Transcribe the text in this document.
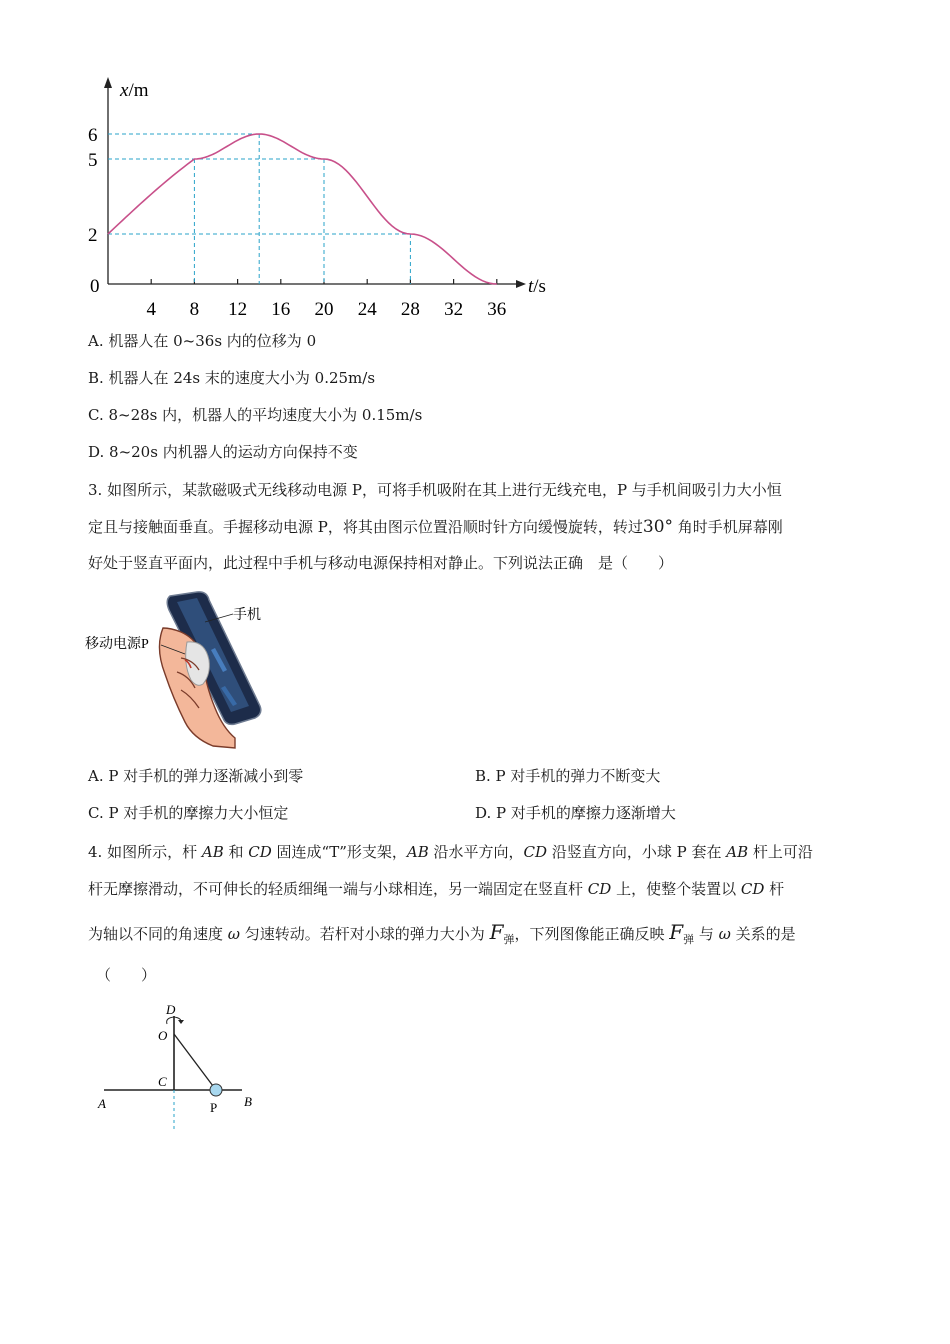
x/m
t/s
0
6
5
2
4 8 12 16 20 24 28 32 36
A. 机器人在 0~36s 内的位移为 0
B. 机器人在 24s 末的速度大小为 0.25m/s
C. 8~28s 内，机器人的平均速度大小为 0.15m/s
D. 8~20s 内机器人的运动方向保持不变
3. 如图所示，某款磁吸式无线移动电源 P，可将手机吸附在其上进行无线充电，P 与手机间吸引力大小恒
定且与接触面垂直。手握移动电源 P，将其由图示位置沿顺时针方向缓慢旋转，转过30° 角时手机屏幕刚
好处于竖直平面内，此过程中手机与移动电源保持相对静止。下列说法正确　是（　　）
手机
移动电源P
A. P 对手机的弹力逐渐减小到零	B. P 对手机的弹力不断变大
C. P 对手机的摩擦力大小恒定	D. P 对手机的摩擦力逐渐增大
4. 如图所示，杆 AB 和 CD 固连成“T”形支架，AB 沿水平方向，CD 沿竖直方向，小球 P 套在 AB 杆上可沿
杆无摩擦滑动，不可伸长的轻质细绳一端与小球相连，另一端固定在竖直杆 CD 上，使整个装置以 CD 杆
为轴以不同的角速度 ω 匀速转动。若杆对小球的弹力大小为 $F_弹$，下列图像能正确反映 $F_弹$ 与 ω 关系的是
（　　）
D
O
C
A	B
P
